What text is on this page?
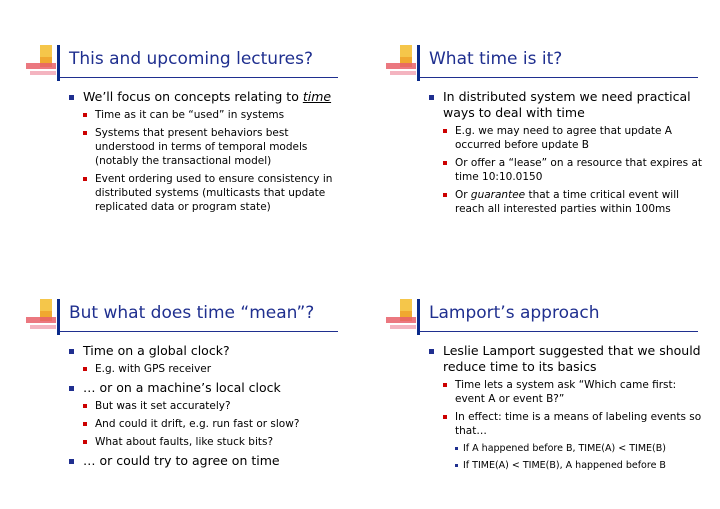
This and upcoming lectures?
We’ll focus on concepts relating to time
Time as it can be “used” in systems
Systems that present behaviors best understood in terms of temporal models (notably the transactional model)
Event ordering used to ensure consistency in distributed systems (multicasts that update replicated data or program state)
What time is it?
In distributed system we need practical ways to deal with time
E.g. we may need to agree that update A occurred before update B
Or offer a “lease” on a resource that expires at time 10:10.0150
Or guarantee that a time critical event will reach all interested parties within 100ms
But what does time “mean”?
Time on a global clock?
E.g. with GPS receiver
… or on a machine’s local clock
But was it set accurately?
And could it drift, e.g. run fast or slow?
What about faults, like stuck bits?
… or could try to agree on time
Lamport’s approach
Leslie Lamport suggested that we should reduce time to its basics
Time lets a system ask “Which came first: event A or event B?”
In effect: time is a means of labeling events so that…
If A happened before B, TIME(A) < TIME(B)
If TIME(A) < TIME(B), A happened before B
